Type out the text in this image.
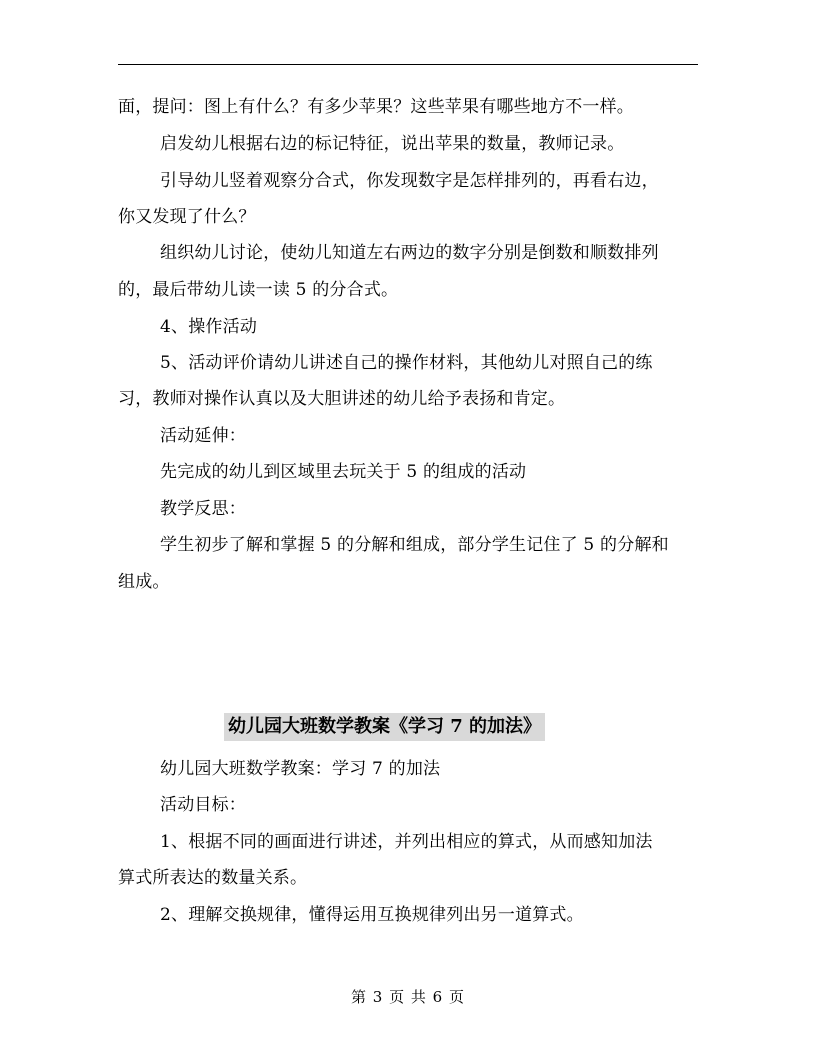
面，提问：图上有什么？有多少苹果？这些苹果有哪些地方不一样。
启发幼儿根据右边的标记特征，说出苹果的数量，教师记录。
引导幼儿竖着观察分合式，你发现数字是怎样排列的，再看右边，
你又发现了什么？
组织幼儿讨论，使幼儿知道左右两边的数字分别是倒数和顺数排列
的，最后带幼儿读一读 5 的分合式。
4、操作活动
5、活动评价请幼儿讲述自己的操作材料，其他幼儿对照自己的练
习，教师对操作认真以及大胆讲述的幼儿给予表扬和肯定。
活动延伸：
先完成的幼儿到区域里去玩关于 5 的组成的活动
教学反思：
学生初步了解和掌握 5 的分解和组成，部分学生记住了 5 的分解和
组成。
幼儿园大班数学教案《学习 7 的加法》
幼儿园大班数学教案：学习 7 的加法
活动目标：
1、根据不同的画面进行讲述，并列出相应的算式，从而感知加法
算式所表达的数量关系。
2、理解交换规律，懂得运用互换规律列出另一道算式。
第 3 页 共 6 页
